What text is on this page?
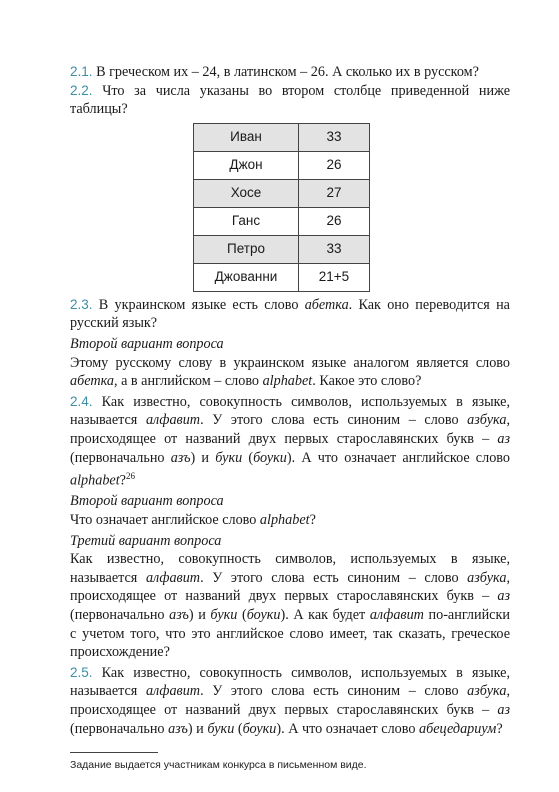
2.1. В греческом их – 24, в латинском – 26. А сколько их в русском?

2.2. Что за числа указаны во втором столбце приведенной ниже таблицы?

Иван	33
Джон	26
Хосе	27
Ганс	26
Петро	33
Джованни	21+5

2.3. В украинском языке есть слово абетка. Как оно переводится на русский язык?

Второй вариант вопроса

Этому русскому слову в украинском языке аналогом является слово абетка, а в английском – слово alphabet. Какое это слово?

2.4. Как известно, совокупность символов, используемых в языке, называется алфавит. У этого слова есть синоним – слово азбука, происходящее от названий двух первых старославянских букв – аз (первоначально азъ) и буки (боуки). А что означает английское слово alphabet?$^{26}$

Второй вариант вопроса

Что означает английское слово alphabet?

Третий вариант вопроса

Как известно, совокупность символов, используемых в языке, называется алфавит. У этого слова есть синоним – слово азбука, происходящее от названий двух первых старославянских букв – аз (первоначально азъ) и буки (боуки). А как будет алфавит по-английски с учетом того, что это английское слово имеет, так сказать, греческое происхождение?

2.5. Как известно, совокупность символов, используемых в языке, называется алфавит. У этого слова есть синоним – слово азбука, происходящее от названий двух первых старославянских букв – аз (первоначально азъ) и буки (боуки). А что означает слово абецедариум?

Задание выдается участникам конкурса в письменном виде.
